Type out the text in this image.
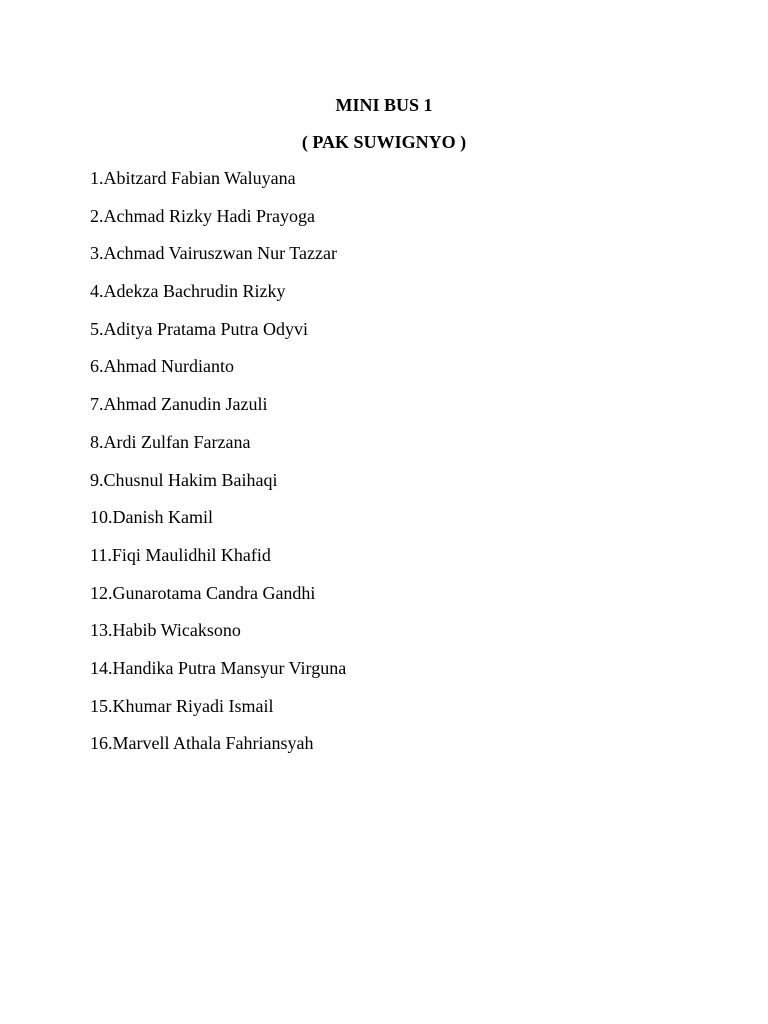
MINI BUS 1
( PAK SUWIGNYO )
1.Abitzard Fabian Waluyana
2.Achmad Rizky Hadi Prayoga
3.Achmad Vairuszwan Nur Tazzar
4.Adekza Bachrudin Rizky
5.Aditya Pratama Putra Odyvi
6.Ahmad Nurdianto
7.Ahmad Zanudin Jazuli
8.Ardi Zulfan Farzana
9.Chusnul Hakim Baihaqi
10.Danish Kamil
11.Fiqi Maulidhil Khafid
12.Gunarotama Candra Gandhi
13.Habib Wicaksono
14.Handika Putra Mansyur Virguna
15.Khumar Riyadi Ismail
16.Marvell Athala Fahriansyah
